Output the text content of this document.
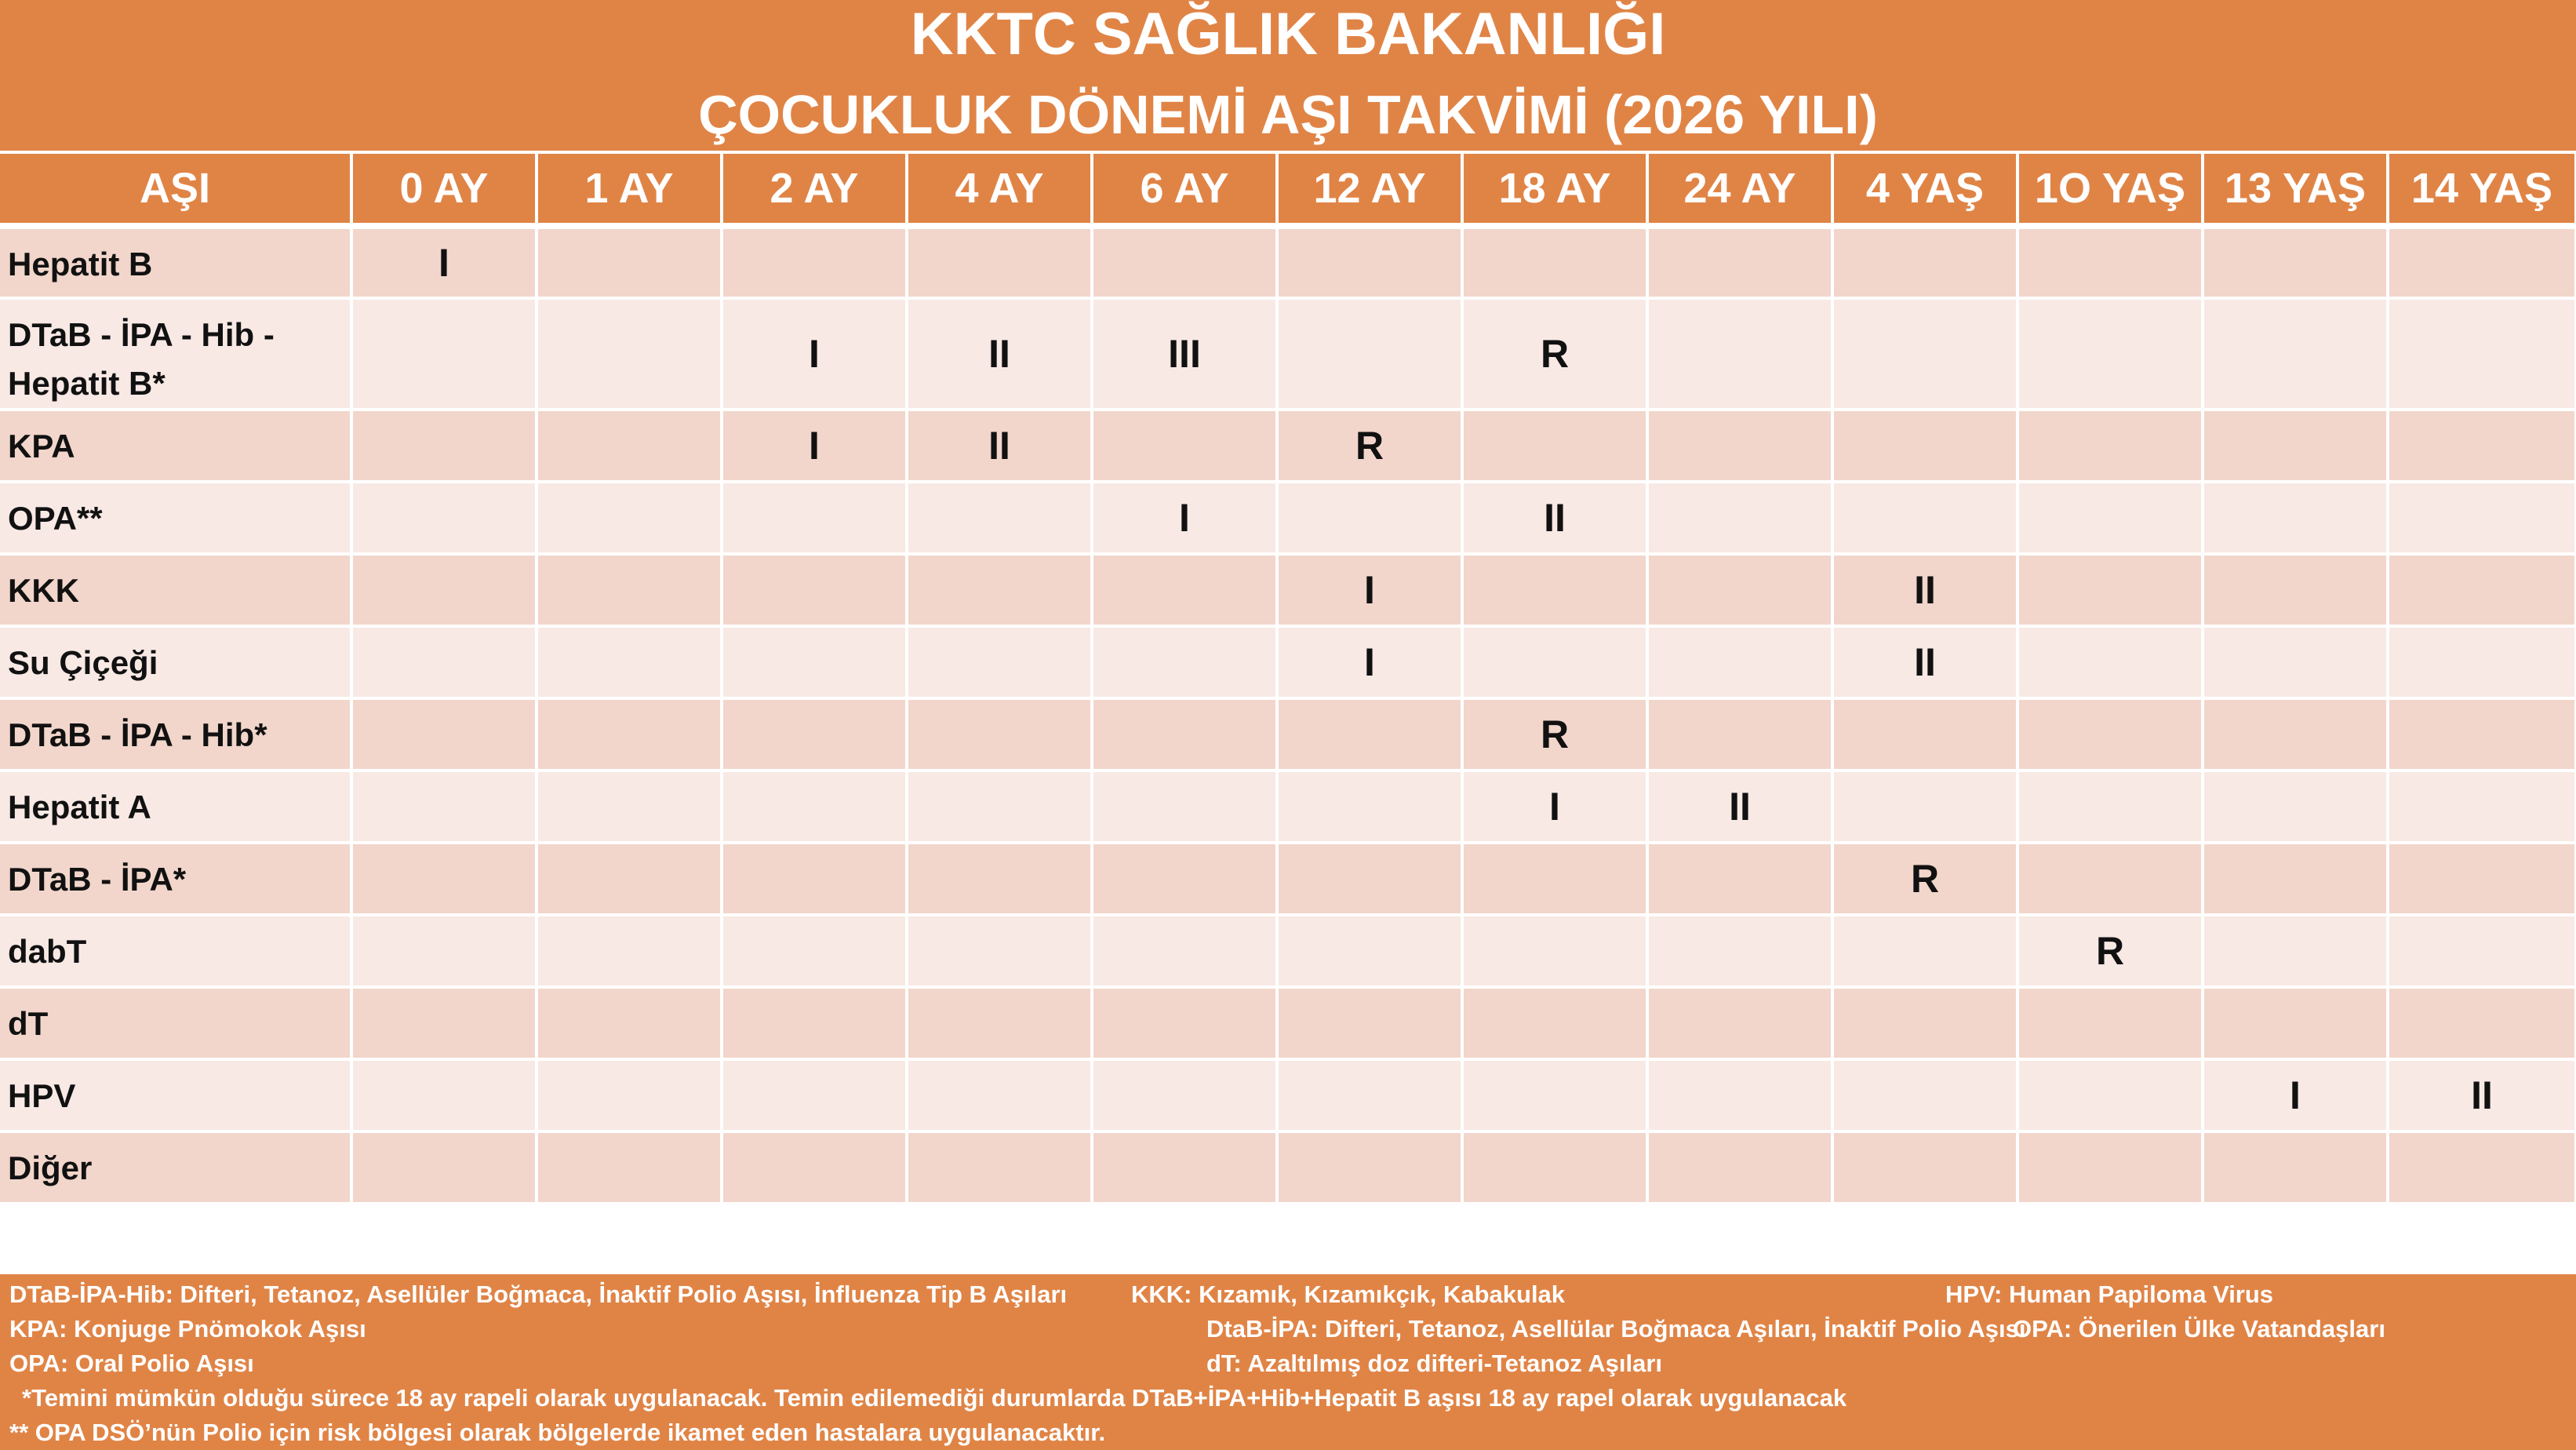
KKTC SAĞLIK BAKANLIĞI
ÇOCUKLUK DÖNEMİ AŞI TAKVİMİ (2026 YILI)
AŞI	0 AY	1 AY	2 AY	4 AY	6 AY	12 AY	18 AY	24 AY	4 YAŞ	1O YAŞ	13 YAŞ	14 YAŞ
Hepatit B	I											
DTaB - İPA - Hib - Hepatit B*			I	II	III		R					
KPA			I	II		R						
OPA**					I		II					
KKK						I			II			
Su Çiçeği						I			II			
DTaB - İPA - Hib*							R					
Hepatit A							I	II				
DTaB - İPA*									R			
dabT										R		
dT												
HPV											I	II
Diğer												
DTaB-İPA-Hib: Difteri, Tetanoz, Asellüler Boğmaca, İnaktif Polio Aşısı, İnfluenza Tip B Aşıları	KKK: Kızamık, Kızamıkçık, Kabakulak	HPV: Human Papiloma Virus
KPA: Konjuge Pnömokok Aşısı	DtaB-İPA: Difteri, Tetanoz, Asellülar Boğmaca Aşıları, İnaktif Polio Aşısı
OPA: Önerilen Ülke Vatandaşları
OPA: Oral Polio Aşısı	dT: Azaltılmış doz difteri-Tetanoz Aşıları
*Temini mümkün olduğu sürece 18 ay rapeli olarak uygulanacak. Temin edilemediği durumlarda DTaB+İPA+Hib+Hepatit B aşısı 18 ay rapel olarak uygulanacak
** OPA DSÖ’nün Polio için risk bölgesi olarak bölgelerde ikamet eden hastalara uygulanacaktır.
